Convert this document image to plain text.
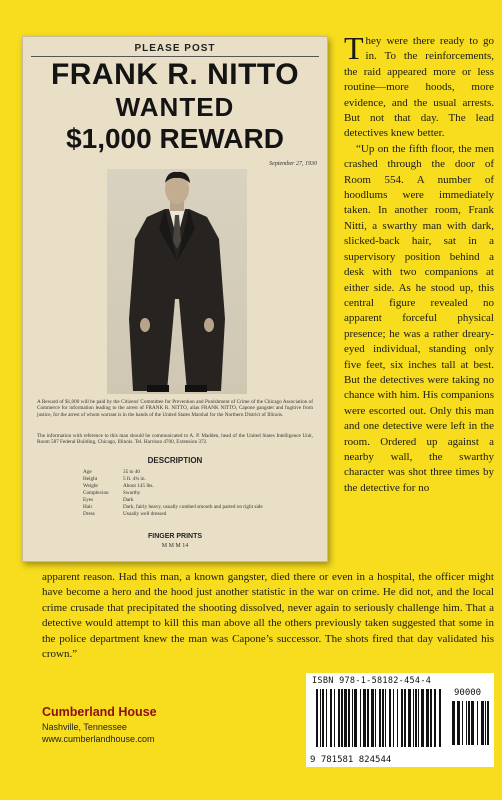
PLEASE POST
FRANK R. NITTO
WANTED
$1,000 REWARD
September 27, 1930
A Reward of $1,000 will be paid by the Citizens' Committee for Prevention and Punishment of Crime of the Chicago Association of Commerce for information leading to the arrest of FRANK R. NITTO, alias FRANK NITTO, Capone gangster and fugitive from justice, for the arrest of whom warrant is in the hands of the United States Marshal for the Northern District of Illinois.
The information with reference to this man should be communicated to A. P. Madden, head of the United States Intelligence Unit, Room 587 Federal Building, Chicago, Illinois. Tel. Harrison 4700, Extension 372.
DESCRIPTION
Age	35 to 40
Height	5 ft. 4¾ in.
Weight	About 145 lbs.
Complexion	Swarthy
Eyes	Dark
Hair	Dark, fairly heavy, usually combed smooth and parted on right side
Dress	Usually well dressed
FINGER PRINTS
M M M 14

They were there ready to go in. To the reinforcements, the raid appeared more or less routine—more hoods, more evidence, and the usual arrests. But not that day. The lead detectives knew better.

“Up on the fifth floor, the men crashed through the door of Room 554. A number of hoodlums were immediately taken. In another room, Frank Nitti, a swarthy man with dark, slicked-back hair, sat in a supervisory position behind a desk with two companions at either side. As he stood up, this central figure revealed no apparent forceful physical presence; he was a rather dreary-eyed individual, standing only five feet, six inches tall at best. But the detectives were taking no chance with him. His companions were escorted out. Only this man and one detective were left in the room. Ordered up against a nearby wall, the swarthy character was shot three times by the detective for no

apparent reason. Had this man, a known gangster, died there or even in a hospital, the officer might have become a hero and the hood just another statistic in the war on crime. He did not, and the local crime crusade that precipitated the shooting dissolved, never again to seriously challenge him. That a detective would attempt to kill this man above all the others previously taken suggested that some in the police department knew the man was Capone’s successor. The shots fired that day validated his crown.”

Cumberland House
Nashville, Tennessee
www.cumberlandhouse.com
ISBN 978-1-58182-454-4
90000
9 781581 824544
